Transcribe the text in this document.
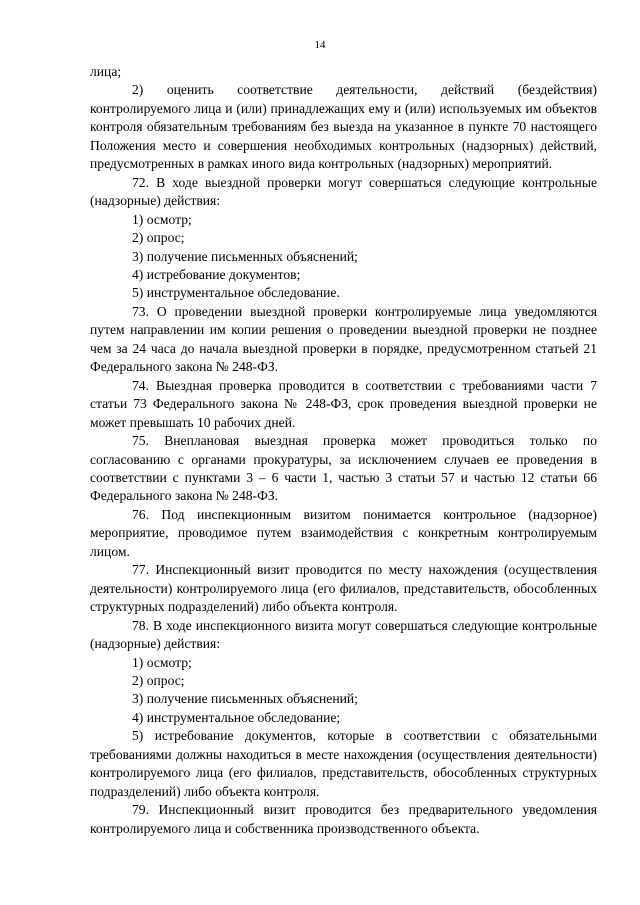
14

лица;

2) оценить соответствие деятельности, действий (бездействия) контролируемого лица и (или) принадлежащих ему и (или) используемых им объектов контроля обязательным требованиям без выезда на указанное в пункте 70 настоящего Положения место и совершения необходимых контрольных (надзорных) действий, предусмотренных в рамках иного вида контрольных (надзорных) мероприятий.

72. В ходе выездной проверки могут совершаться следующие контрольные (надзорные) действия:

1) осмотр;

2) опрос;

3) получение письменных объяснений;

4) истребование документов;

5) инструментальное обследование.

73. О проведении выездной проверки контролируемые лица уведомляются путем направлении им копии решения о проведении выездной проверки не позднее чем за 24 часа до начала выездной проверки в порядке, предусмотренном статьей 21 Федерального закона № 248-ФЗ.

74. Выездная проверка проводится в соответствии с требованиями части 7 статьи 73 Федерального закона № 248-ФЗ, срок проведения выездной проверки не может превышать 10 рабочих дней.

75. Внеплановая выездная проверка может проводиться только по согласованию с органами прокуратуры, за исключением случаев ее проведения в соответствии с пунктами 3 – 6 части 1, частью 3 статьи 57 и частью 12 статьи 66 Федерального закона № 248-ФЗ.

76. Под инспекционным визитом понимается контрольное (надзорное) мероприятие, проводимое путем взаимодействия с конкретным контролируемым лицом.

77. Инспекционный визит проводится по месту нахождения (осуществления деятельности) контролируемого лица (его филиалов, представительств, обособленных структурных подразделений) либо объекта контроля.

78. В ходе инспекционного визита могут совершаться следующие контрольные (надзорные) действия:

1) осмотр;

2) опрос;

3) получение письменных объяснений;

4) инструментальное обследование;

5) истребование документов, которые в соответствии с обязательными требованиями должны находиться в месте нахождения (осуществления деятельности) контролируемого лица (его филиалов, представительств, обособленных структурных подразделений) либо объекта контроля.

79. Инспекционный визит проводится без предварительного уведомления контролируемого лица и собственника производственного объекта.
